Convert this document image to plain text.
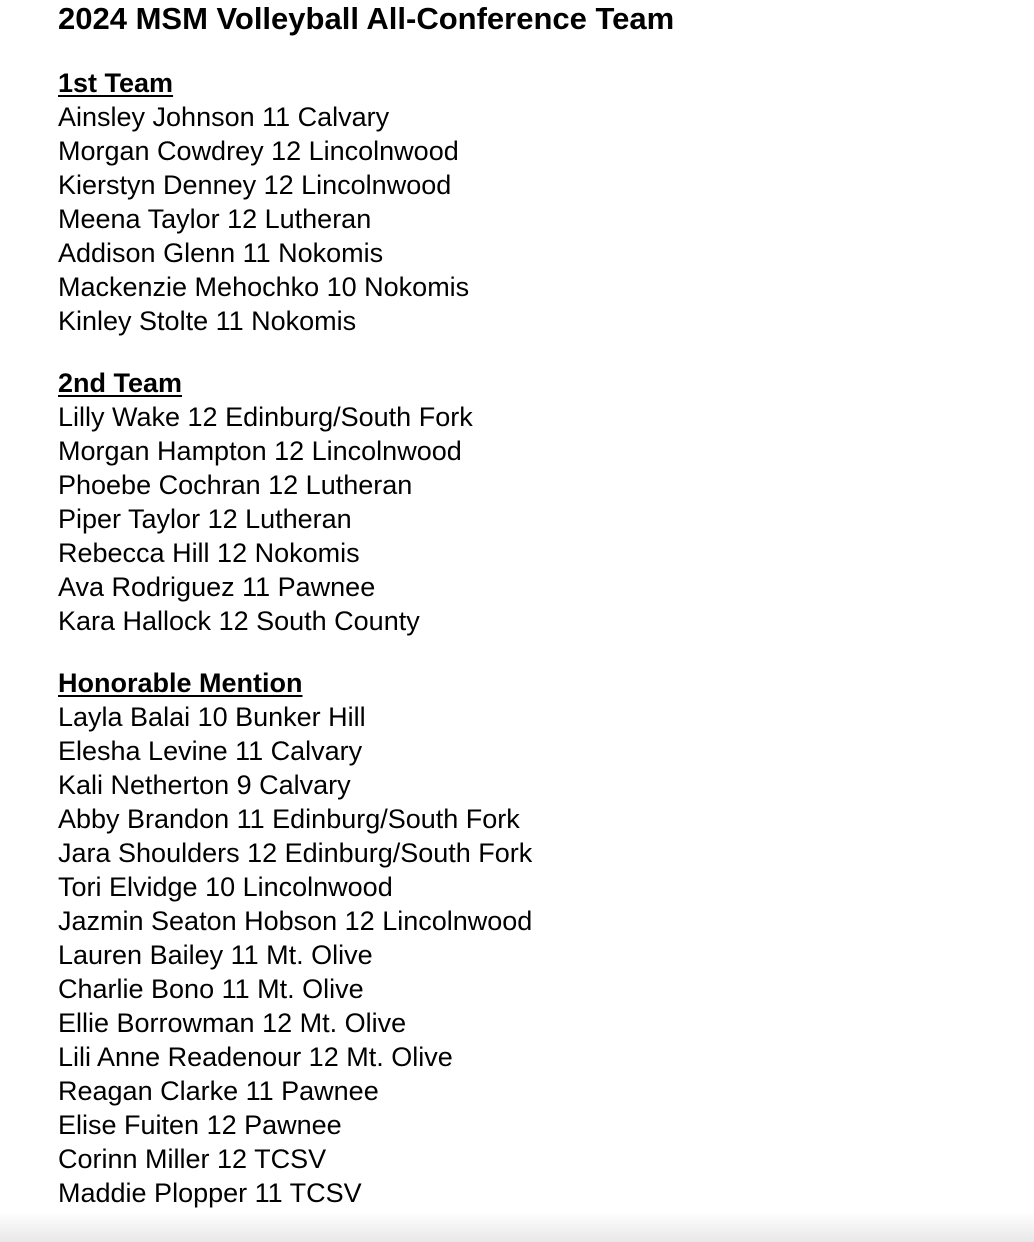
2024 MSM Volleyball All-Conference Team
1st Team
Ainsley Johnson 11 Calvary
Morgan Cowdrey 12 Lincolnwood
Kierstyn Denney 12 Lincolnwood
Meena Taylor 12 Lutheran
Addison Glenn 11 Nokomis
Mackenzie Mehochko 10 Nokomis
Kinley Stolte 11 Nokomis
2nd Team
Lilly Wake 12 Edinburg/South Fork
Morgan Hampton 12 Lincolnwood
Phoebe Cochran 12 Lutheran
Piper Taylor 12 Lutheran
Rebecca Hill 12 Nokomis
Ava Rodriguez 11 Pawnee
Kara Hallock 12 South County
Honorable Mention
Layla Balai 10 Bunker Hill
Elesha Levine 11 Calvary
Kali Netherton 9 Calvary
Abby Brandon 11 Edinburg/South Fork
Jara Shoulders 12 Edinburg/South Fork
Tori Elvidge 10 Lincolnwood
Jazmin Seaton Hobson 12 Lincolnwood
Lauren Bailey 11 Mt. Olive
Charlie Bono 11 Mt. Olive
Ellie Borrowman 12 Mt. Olive
Lili Anne Readenour 12 Mt. Olive
Reagan Clarke 11 Pawnee
Elise Fuiten 12 Pawnee
Corinn Miller 12 TCSV
Maddie Plopper 11 TCSV
